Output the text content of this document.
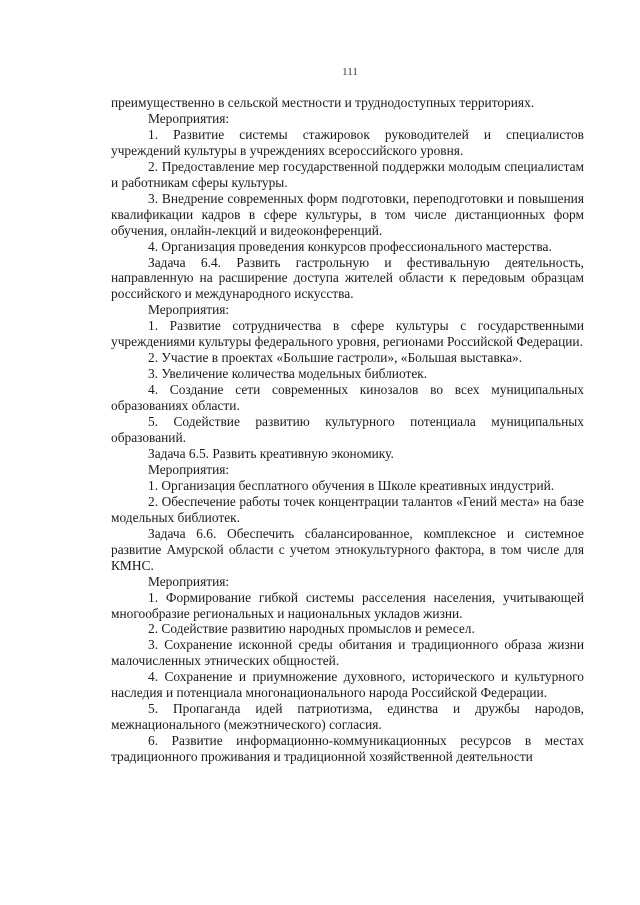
111

преимущественно в сельской местности и труднодоступных территориях.

Мероприятия:

1. Развитие системы стажировок руководителей и специалистов учреждений культуры в учреждениях всероссийского уровня.

2. Предоставление мер государственной поддержки молодым специалистам и работникам сферы культуры.

3. Внедрение современных форм подготовки, переподготовки и повышения квалификации кадров в сфере культуры, в том числе дистанционных форм обучения, онлайн-лекций и видеоконференций.

4. Организация проведения конкурсов профессионального мастерства.

Задача 6.4. Развить гастрольную и фестивальную деятельность, направленную на расширение доступа жителей области к передовым образцам российского и международного искусства.

Мероприятия:

1. Развитие сотрудничества в сфере культуры с государственными учреждениями культуры федерального уровня, регионами Российской Федерации.

2. Участие в проектах «Большие гастроли», «Большая выставка».

3. Увеличение количества модельных библиотек.

4. Создание сети современных кинозалов во всех муниципальных образованиях области.

5. Содействие развитию культурного потенциала муниципальных образований.

Задача 6.5. Развить креативную экономику.

Мероприятия:

1. Организация бесплатного обучения в Школе креативных индустрий.

2. Обеспечение работы точек концентрации талантов «Гений места» на базе модельных библиотек.

Задача 6.6. Обеспечить сбалансированное, комплексное и системное развитие Амурской области с учетом этнокультурного фактора, в том числе для КМНС.

Мероприятия:

1. Формирование гибкой системы расселения населения, учитывающей многообразие региональных и национальных укладов жизни.

2. Содействие развитию народных промыслов и ремесел.

3. Сохранение исконной среды обитания и традиционного образа жизни малочисленных этнических общностей.

4. Сохранение и приумножение духовного, исторического и культурного наследия и потенциала многонационального народа Российской Федерации.

5. Пропаганда идей патриотизма, единства и дружбы народов, межнационального (межэтнического) согласия.

6. Развитие информационно-коммуникационных ресурсов в местах традиционного проживания и традиционной хозяйственной деятельности
